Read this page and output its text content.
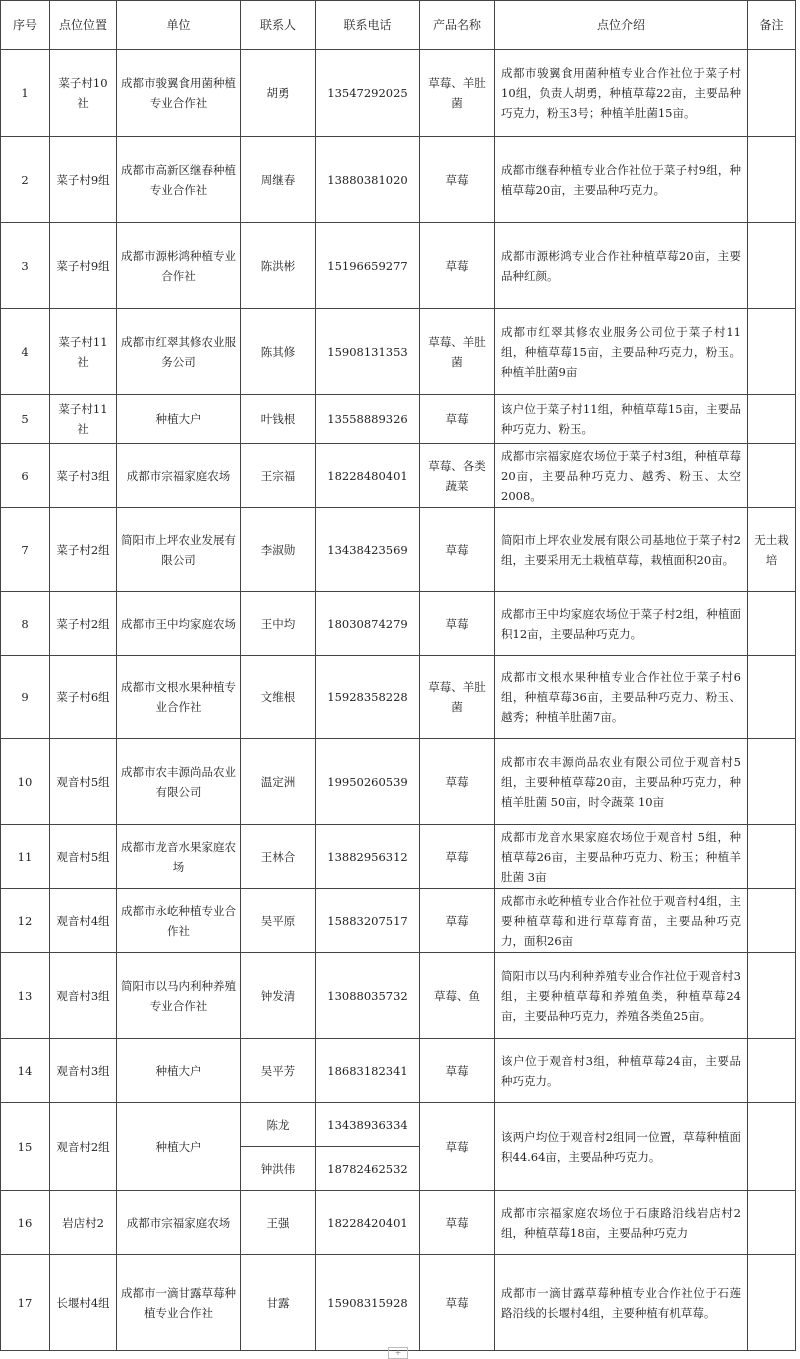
序号	点位位置	单位	联系人	联系电话	产品名称	点位介绍	备注
1	菜子村10社	成都市骏翼食用菌种植专业合作社	胡勇	13547292025	草莓、羊肚菌	成都市骏翼食用菌种植专业合作社位于菜子村10组，负责人胡勇，种植草莓22亩，主要品种巧克力，粉玉3号；种植羊肚菌15亩。	
2	菜子村9组	成都市高新区继春种植专业合作社	周继春	13880381020	草莓	成都市继春种植专业合作社位于菜子村9组，种植草莓20亩，主要品种巧克力。	
3	菜子村9组	成都市源彬鸿种植专业合作社	陈洪彬	15196659277	草莓	成都市源彬鸿专业合作社种植草莓20亩，主要品种红颜。	
4	菜子村11社	成都市红翠其修农业服务公司	陈其修	15908131353	草莓、羊肚菌	成都市红翠其修农业服务公司位于菜子村11组，种植草莓15亩，主要品种巧克力，粉玉。种植羊肚菌9亩	
5	菜子村11社	种植大户	叶钱根	13558889326	草莓	该户位于菜子村11组，种植草莓15亩，主要品种巧克力、粉玉。	
6	菜子村3组	成都市宗福家庭农场	王宗福	18228480401	草莓、各类蔬菜	成都市宗福家庭农场位于菜子村3组，种植草莓20亩，主要品种巧克力、越秀、粉玉、太空2008。	
7	菜子村2组	简阳市上坪农业发展有限公司	李淑勋	13438423569	草莓	简阳市上坪农业发展有限公司基地位于菜子村2组，主要采用无土栽植草莓，栽植面积20亩。	无土栽培
8	菜子村2组	成都市王中均家庭农场	王中均	18030874279	草莓	成都市王中均家庭农场位于菜子村2组，种植面积12亩，主要品种巧克力。	
9	菜子村6组	成都市文根水果种植专业合作社	文维根	15928358228	草莓、羊肚菌	成都市文根水果种植专业合作社位于菜子村6组，种植草莓36亩，主要品种巧克力、粉玉、越秀；种植羊肚菌7亩。	
10	观音村5组	成都市农丰源尚品农业有限公司	温定洲	19950260539	草莓	成都市农丰源尚品农业有限公司位于观音村5组，主要种植草莓20亩，主要品种巧克力，种植羊肚菌 50亩，时令蔬菜 10亩	
11	观音村5组	成都市龙音水果家庭农场	王林合	13882956312	草莓	成都市龙音水果家庭农场位于观音村 5组，种植草莓26亩，主要品种巧克力、粉玉；种植羊肚菌 3亩	
12	观音村4组	成都市永屹种植专业合作社	吴平原	15883207517	草莓	成都市永屹种植专业合作社位于观音村4组，主要种植草莓和进行草莓育苗，主要品种巧克力，面积26亩	
13	观音村3组	简阳市以马内利种养殖专业合作社	钟发清	13088035732	草莓、鱼	简阳市以马内利种养殖专业合作社位于观音村3组，主要种植草莓和养殖鱼类，种植草莓24亩，主要品种巧克力，养殖各类鱼25亩。	
14	观音村3组	种植大户	吴平芳	18683182341	草莓	该户位于观音村3组，种植草莓24亩，主要品种巧克力。	
15	观音村2组	种植大户	陈龙	13438936334	草莓	该两户均位于观音村2组同一位置，草莓种植面积44.64亩，主要品种巧克力。	
			钟洪伟	18782462532			
16	岩店村2	成都市宗福家庭农场	王强	18228420401	草莓	成都市宗福家庭农场位于石康路沿线岩店村2组，种植草莓18亩，主要品种巧克力	
17	长堰村4组	成都市一滴甘露草莓种植专业合作社	甘露	15908315928	草莓	成都市一滴甘露草莓种植专业合作社位于石莲路沿线的长堰村4组，主要种植有机草莓。	
+
